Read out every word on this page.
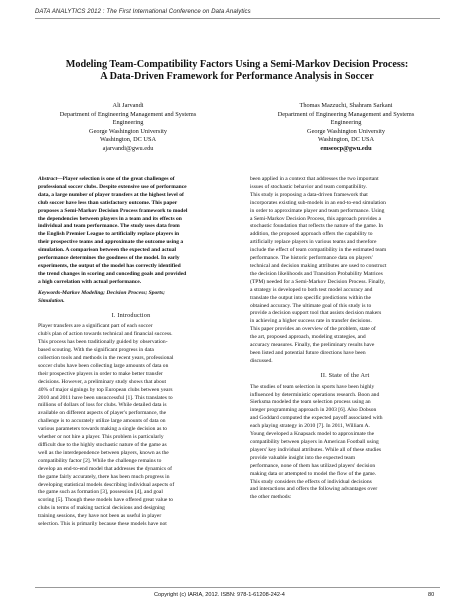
DATA ANALYTICS 2012 : The First International Conference on Data Analytics
Modeling Team-Compatibility Factors Using a Semi-Markov Decision Process:
A Data-Driven Framework for Performance Analysis in Soccer
Ali Jarvandi
Department of Engineering Management and Systems
Engineering
George Washington University
Washington, DC USA
ajarvandi@gwu.edu
Thomas Mazzuchi, Shahram Sarkani
Department of Engineering Management and Systems
Engineering
George Washington University
Washington, DC USA
emseocp@gwu.edu
Abstract—Player selection is one of the great challenges of
professional soccer clubs. Despite extensive use of performance
data, a large number of player transfers at the highest level of
club soccer have less than satisfactory outcome. This paper
proposes a Semi-Markov Decision Process framework to model
the dependencies between players in a team and its effects on
individual and team performance. The study uses data from
the English Premier League to artificially replace players in
their prospective teams and approximate the outcome using a
simulation. A comparison between the expected and actual
performance determines the goodness of the model. In early
experiments, the output of the model has correctly identified
the trend changes in scoring and conceding goals and provided
a high correlation with actual performance.
Keywords-Markov Modeling; Decision Process; Sports;
Simulation.
I. Introduction
Player transfers are a significant part of each soccer
club's plan of action towards technical and financial success.
This process has been traditionally guided by observation-
based scouting. With the significant progress in data
collection tools and methods in the recent years, professional
soccer clubs have been collecting large amounts of data on
their prospective players in order to make better transfer
decisions. However, a preliminary study shows that about
40% of major signings by top European clubs between years
2010 and 2011 have been unsuccessful [1]. This translates to
millions of dollars of loss for clubs. While detailed data is
available on different aspects of player's performance, the
challenge is to accurately utilize large amounts of data on
various parameters towards making a single decision as to
whether or not hire a player. This problem is particularly
difficult due to the highly stochastic nature of the game as
well as the interdependence between players, known as the
compatibility factor [2]. While the challenge remains to
develop an end-to-end model that addresses the dynamics of
the game fairly accurately, there has been much progress in
developing statistical models describing individual aspects of
the game such as formation [3], possession [4], and goal
scoring [5]. Though these models have offered great value to
clubs in terms of making tactical decisions and designing
training sessions, they have not been as useful in player
selection. This is primarily because these models have not
been applied in a context that addresses the two important
issues of stochastic behavior and team compatibility.
This study is proposing a data-driven framework that
incorporates existing sub-models in an end-to-end simulation
in order to approximate player and team performance. Using
a Semi-Markov Decision Process, this approach provides a
stochastic foundation that reflects the nature of the game. In
addition, the proposed approach offers the capability to
artificially replace players in various teams and therefore
include the effect of team compatibility in the estimated team
performance. The historic performance data on players'
technical and decision making attributes are used to construct
the decision likelihoods and Transition Probability Matrices
(TPM) needed for a Semi-Markov Decision Process. Finally,
a strategy is developed to both test model accuracy and
translate the output into specific predictions within the
obtained accuracy. The ultimate goal of this study is to
provide a decision support tool that assists decision makers
in achieving a higher success rate in transfer decisions.
This paper provides an overview of the problem, state of
the art, proposed approach, modeling strategies, and
accuracy measures. Finally, the preliminary results have
been listed and potential future directions have been
discussed.
II. State of the Art
The studies of team selection in sports have been highly
influenced by deterministic operations research. Boon and
Sierksma modeled the team selection process using an
integer programming approach in 2003 [6]. Also Dobson
and Goddard computed the expected payoff associated with
each playing strategy in 2010 [7]. In 2011, William A.
Young developed a Knapsack model to approximate the
compatibility between players in American Football using
players' key individual attributes. While all of these studies
provide valuable insight into the expected team
performance, none of them has utilized players' decision
making data or attempted to model the flow of the game.
This study considers the effects of individual decisions
and interactions and offers the following advantages over
the other methods:
Copyright (c) IARIA, 2012. ISBN: 978-1-61208-242-4	80
